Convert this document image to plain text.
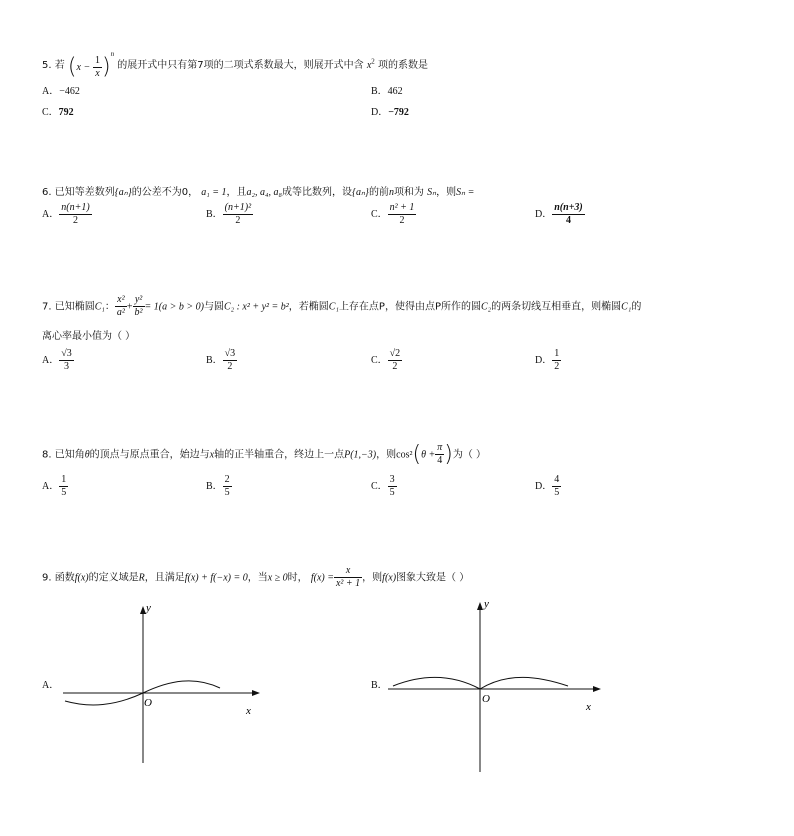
5. 若 $(x - \frac{1}{x} )^n$ 的展开式中只有第7项的二项式系数最大，则展开式中含 $x^2$ 项的系数是
A．−462	B．462
C．792	D．−792
6. 已知等差数列{aₙ}的公差不为0， a₁ = 1，且a₂, a₄, a₈成等比数列，设{aₙ}的前n项和为 Sₙ，则Sₙ =
A． $\frac{n(n+1)}{2}$	B． $\frac{\text{(n+1)²}}{2}$	C． $\frac{\text{n² + 1}}{2}$	D． $\frac{n(n+3)}{4}$
7. 已知椭圆C₁： $\frac{\text{x²}}{\text{a²}} + \frac{\text{y²}}{\text{b²}} = 1(a > b > 0)$与圆C₂ : x² + y² = b²，若椭圆C₁上存在点P，使得由点P所作的圆C₂的两条切线互相垂直，则椭圆C₁的
离心率最小值为（ ）
A． $\frac{√3}{3}$	B． $\frac{√3}{2}$	C． $\frac{√2}{2}$	D． $\frac{1}{2}$
8. 已知角θ的顶点与原点重合，始边与x轴的正半轴重合，终边上一点P(1,−3)，则$\cos^2(\theta + \frac{\pi}{4}$ )为（ ）
A． $\frac{1}{5}$	B． $\frac{2}{5}$	C． $\frac{3}{5}$	D． $\frac{4}{5}$
9. 函数f(x)的定义域是R，且满足f(x) + f(−x) = 0，当x ≥ 0时， $f(x) = \frac{x}{\text{x² + 1}}$ ，则f(x)图象大致是（ ）
A．
y
x
O
B．
y
x
O
